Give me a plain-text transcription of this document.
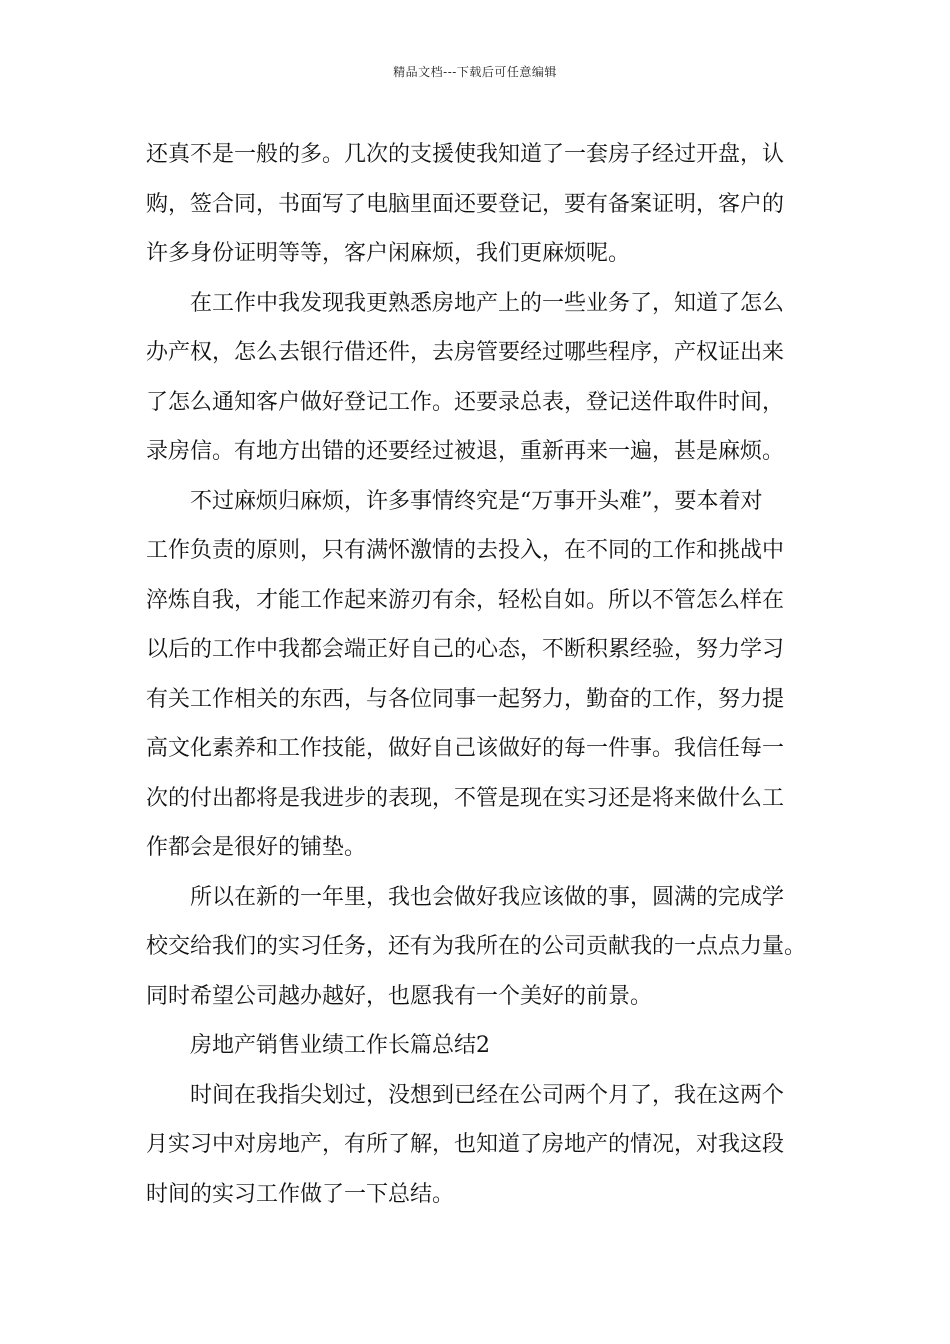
精品文档---下载后可任意编辑
还真不是一般的多。几次的支援使我知道了一套房子经过开盘，认
购，签合同，书面写了电脑里面还要登记，要有备案证明，客户的
许多身份证明等等，客户闲麻烦，我们更麻烦呢。
在工作中我发现我更熟悉房地产上的一些业务了，知道了怎么
办产权，怎么去银行借还件，去房管要经过哪些程序，产权证出来
了怎么通知客户做好登记工作。还要录总表，登记送件取件时间，
录房信。有地方出错的还要经过被退，重新再来一遍，甚是麻烦。
不过麻烦归麻烦，许多事情终究是“万事开头难”，要本着对
工作负责的原则，只有满怀激情的去投入，在不同的工作和挑战中
淬炼自我，才能工作起来游刃有余，轻松自如。所以不管怎么样在
以后的工作中我都会端正好自己的心态，不断积累经验，努力学习
有关工作相关的东西，与各位同事一起努力，勤奋的工作，努力提
高文化素养和工作技能，做好自己该做好的每一件事。我信任每一
次的付出都将是我进步的表现，不管是现在实习还是将来做什么工
作都会是很好的铺垫。
所以在新的一年里，我也会做好我应该做的事，圆满的完成学
校交给我们的实习任务，还有为我所在的公司贡献我的一点点力量。
同时希望公司越办越好，也愿我有一个美好的前景。
房地产销售业绩工作长篇总结2
时间在我指尖划过，没想到已经在公司两个月了，我在这两个
月实习中对房地产，有所了解，也知道了房地产的情况，对我这段
时间的实习工作做了一下总结。
